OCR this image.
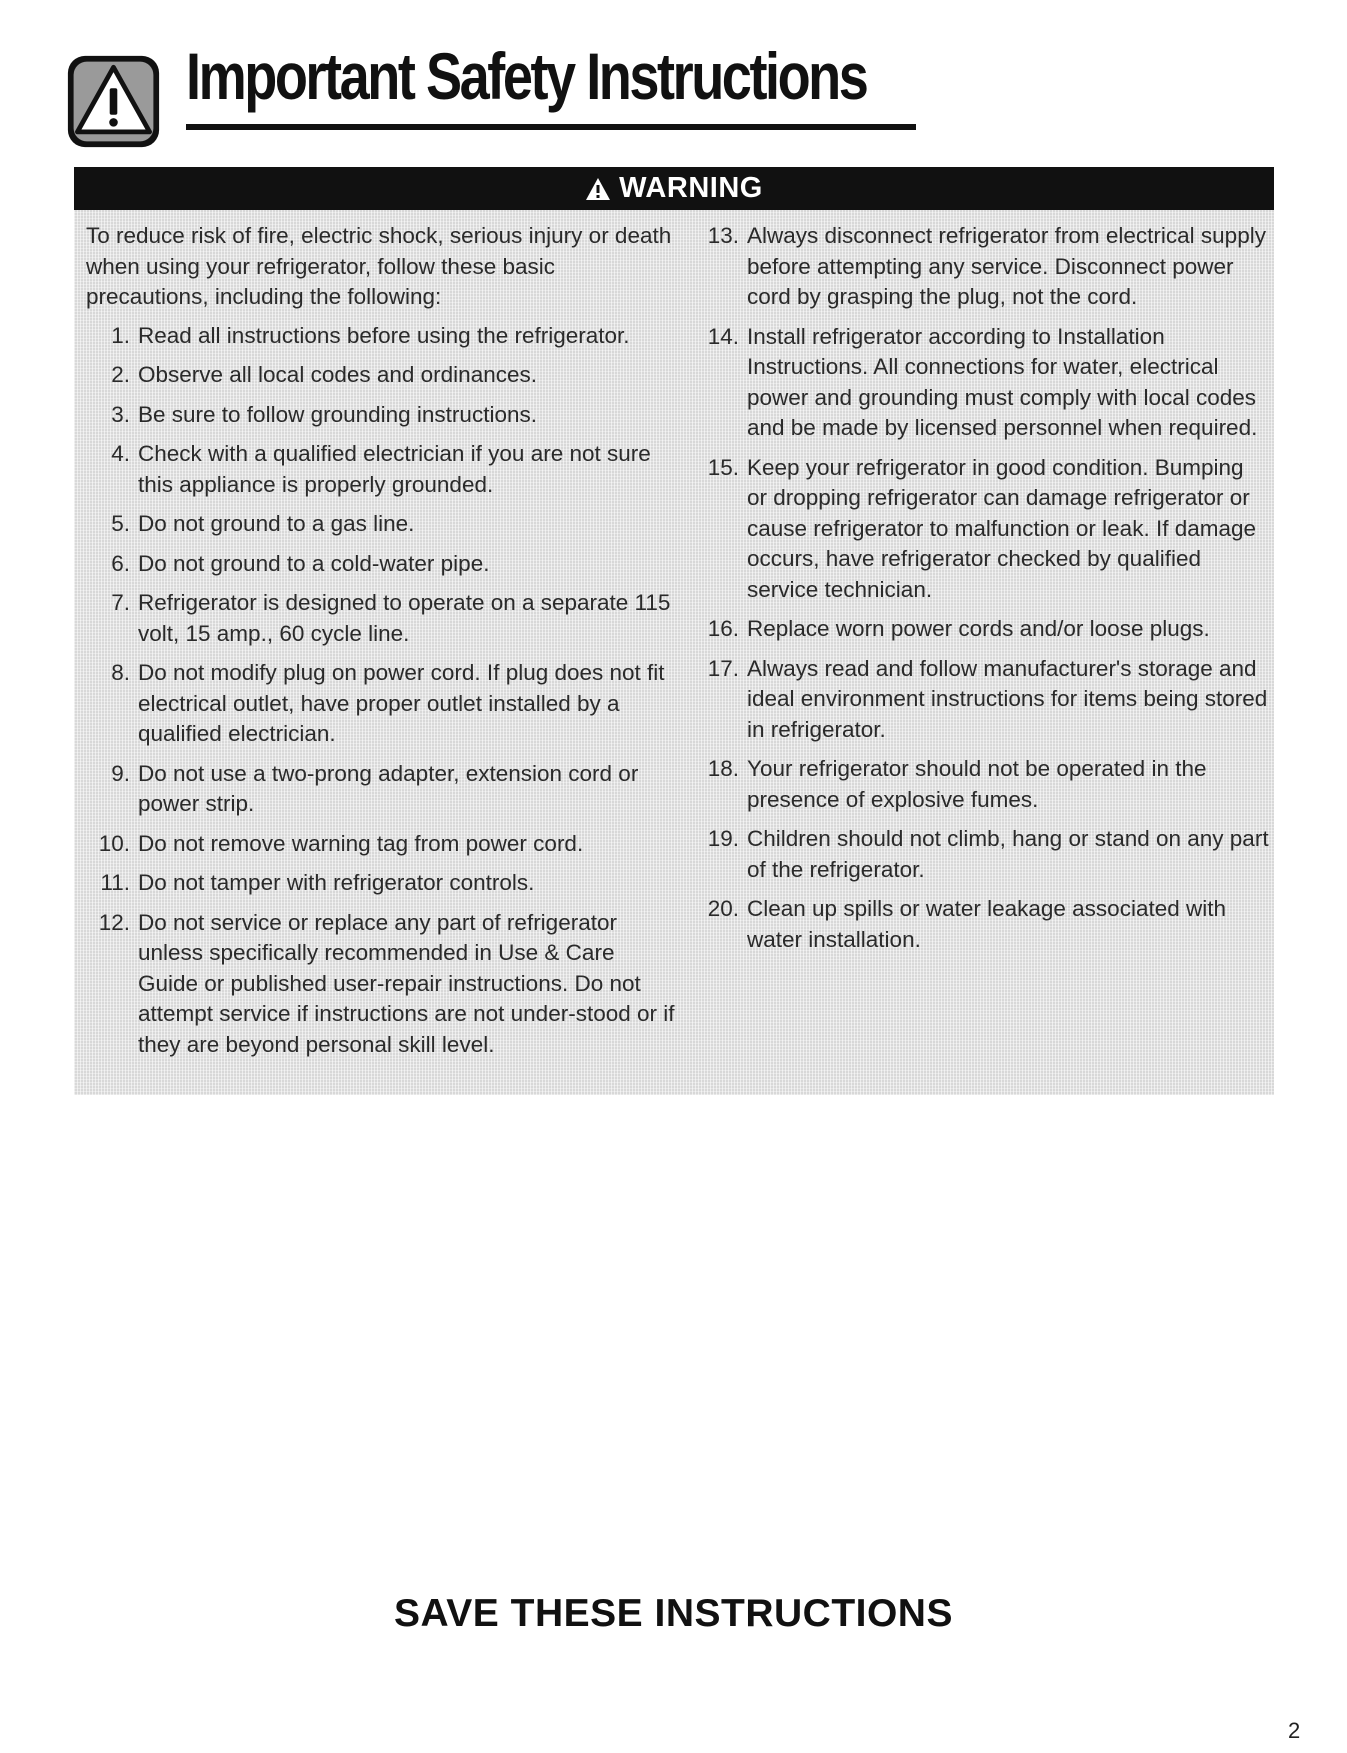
Important Safety Instructions
WARNING

To reduce risk of fire, electric shock, serious injury or death when using your refrigerator, follow these basic precautions, including the following:

1. Read all instructions before using the refrigerator.
2. Observe all local codes and ordinances.
3. Be sure to follow grounding instructions.
4. Check with a qualified electrician if you are not sure this appliance is properly grounded.
5. Do not ground to a gas line.
6. Do not ground to a cold-water pipe.
7. Refrigerator is designed to operate on a separate 115 volt, 15 amp., 60 cycle line.
8. Do not modify plug on power cord. If plug does not fit electrical outlet, have proper outlet installed by a qualified electrician.
9. Do not use a two-prong adapter, extension cord or power strip.
10. Do not remove warning tag from power cord.
11. Do not tamper with refrigerator controls.
12. Do not service or replace any part of refrigerator unless specifically recommended in Use & Care Guide or published user-repair instructions. Do not attempt service if instructions are not under-stood or if they are beyond personal skill level.
13. Always disconnect refrigerator from electrical supply before attempting any service. Disconnect power cord by grasping the plug, not the cord.
14. Install refrigerator according to Installation Instructions. All connections for water, electrical power and grounding must comply with local codes and be made by licensed personnel when required.
15. Keep your refrigerator in good condition. Bumping or dropping refrigerator can damage refrigerator or cause refrigerator to malfunction or leak. If damage occurs, have refrigerator checked by qualified service technician.
16. Replace worn power cords and/or loose plugs.
17. Always read and follow manufacturer's storage and ideal environment instructions for items being stored in refrigerator.
18. Your refrigerator should not be operated in the presence of explosive fumes.
19. Children should not climb, hang or stand on any part of the refrigerator.
20. Clean up spills or water leakage associated with water installation.
SAVE THESE INSTRUCTIONS
2
